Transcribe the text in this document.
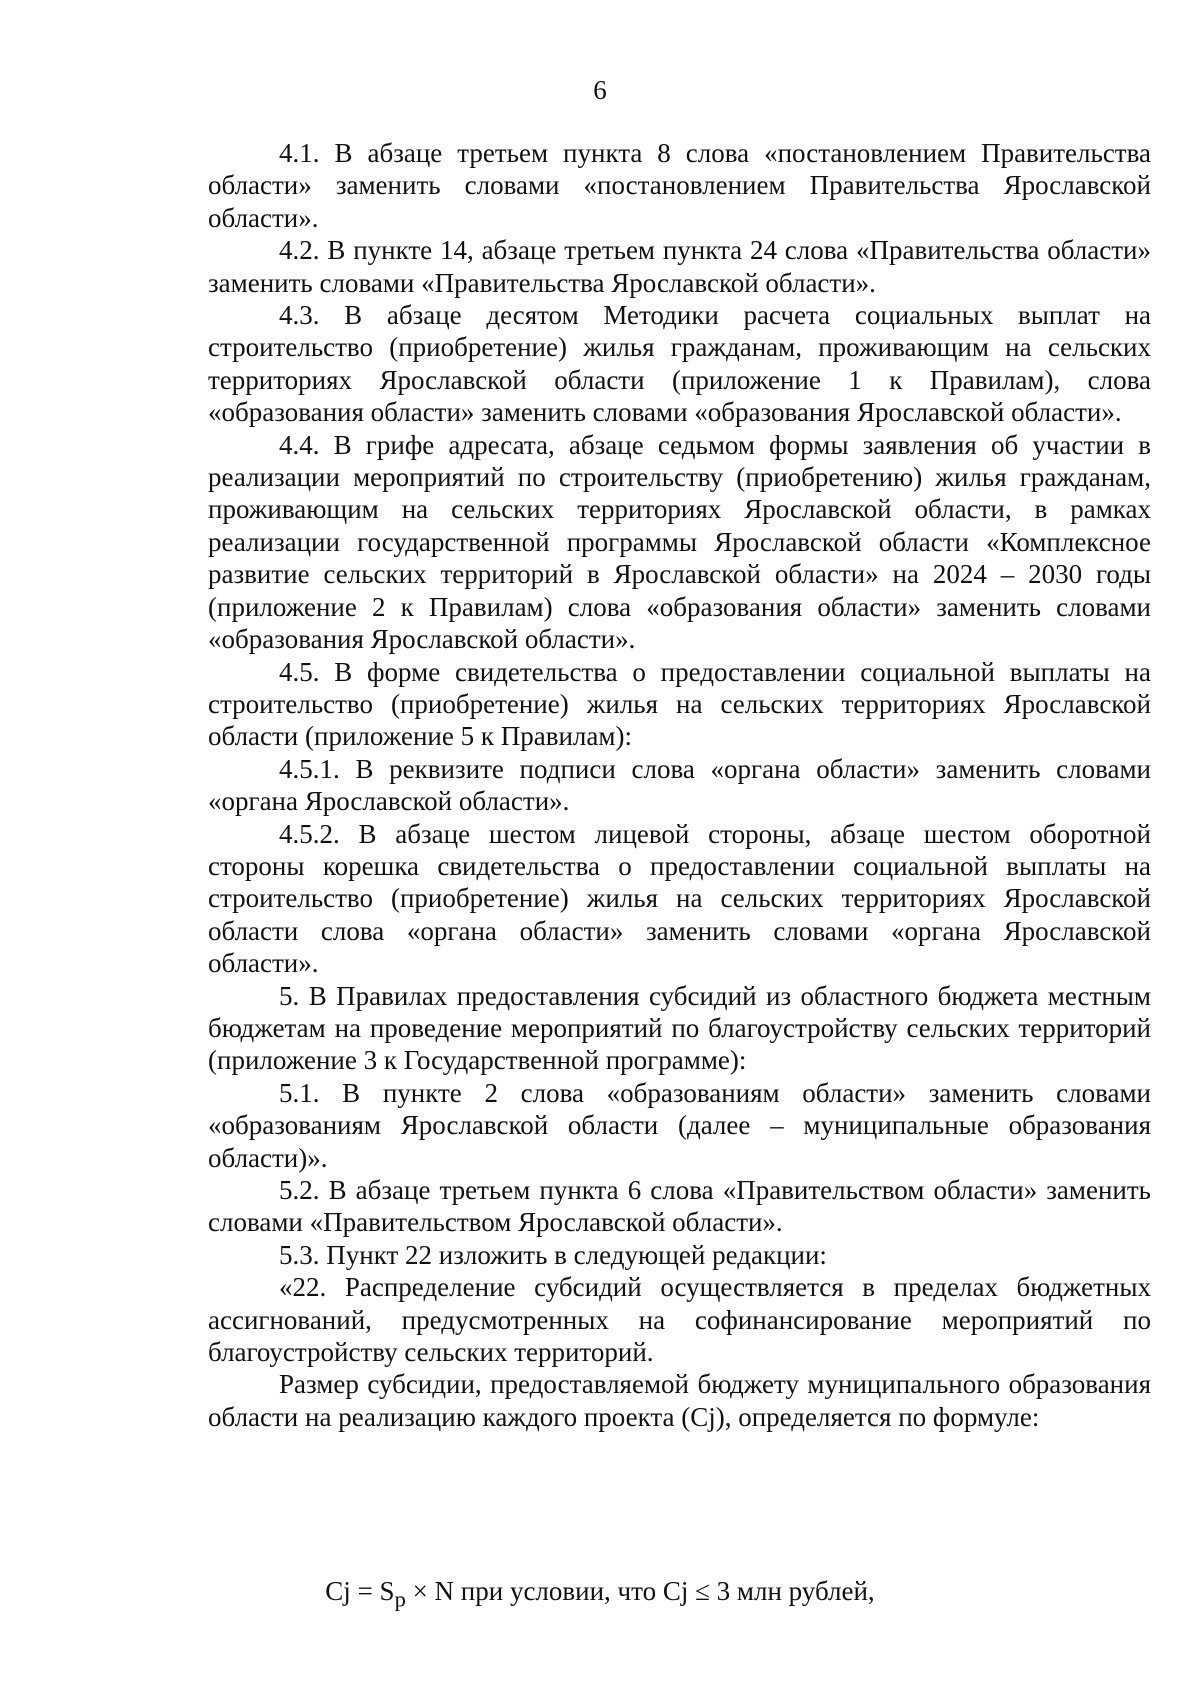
6

4.1. В абзаце третьем пункта 8 слова «постановлением Правительства области» заменить словами «постановлением Правительства Ярославской области».

4.2. В пункте 14, абзаце третьем пункта 24 слова «Правительства области» заменить словами «Правительства Ярославской области».

4.3. В абзаце десятом Методики расчета социальных выплат на строительство (приобретение) жилья гражданам, проживающим на сельских территориях Ярославской области (приложение 1 к Правилам), слова «образования области» заменить словами «образования Ярославской области».

4.4. В грифе адресата, абзаце седьмом формы заявления об участии в реализации мероприятий по строительству (приобретению) жилья гражданам, проживающим на сельских территориях Ярославской области, в рамках реализации государственной программы Ярославской области «Комплексное развитие сельских территорий в Ярославской области» на 2024 – 2030 годы (приложение 2 к Правилам) слова «образования области» заменить словами «образования Ярославской области».

4.5. В форме свидетельства о предоставлении социальной выплаты на строительство (приобретение) жилья на сельских территориях Ярославской области (приложение 5 к Правилам):

4.5.1. В реквизите подписи слова «органа области» заменить словами «органа Ярославской области».

4.5.2. В абзаце шестом лицевой стороны, абзаце шестом оборотной стороны корешка свидетельства о предоставлении социальной выплаты на строительство (приобретение) жилья на сельских территориях Ярославской области слова «органа области» заменить словами «органа Ярославской области».

5. В Правилах предоставления субсидий из областного бюджета местным бюджетам на проведение мероприятий по благоустройству сельских территорий (приложение 3 к Государственной программе):

5.1. В пункте 2 слова «образованиям области» заменить словами «образованиям Ярославской области (далее – муниципальные образования области)».

5.2. В абзаце третьем пункта 6 слова «Правительством области» заменить словами «Правительством Ярославской области».

5.3. Пункт 22 изложить в следующей редакции:

«22. Распределение субсидий осуществляется в пределах бюджетных ассигнований, предусмотренных на софинансирование мероприятий по благоустройству сельских территорий.

Размер субсидии, предоставляемой бюджету муниципального образования области на реализацию каждого проекта (Cj), определяется по формуле:

$Cj = S_р \times N$ при условии, что Cj ≤ 3 млн рублей,
